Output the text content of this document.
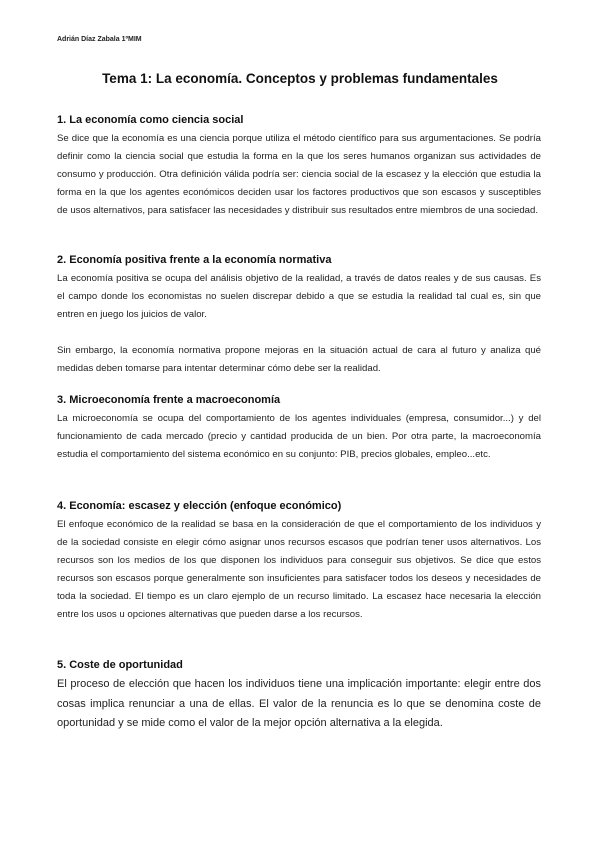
Adrián Díaz Zabala 1ºMIM
Tema 1: La economía. Conceptos y problemas fundamentales
1. La economía como ciencia social

Se dice que la economía es una ciencia porque utiliza el método científico para sus argumentaciones. Se podría definir como la ciencia social que estudia la forma en la que los seres humanos organizan sus actividades de consumo y producción. Otra definición válida podría ser: ciencia social de la escasez y la elección que estudia la forma en la que los agentes económicos deciden usar los factores productivos que son escasos y susceptibles de usos alternativos, para satisfacer las necesidades y distribuir sus resultados entre miembros de una sociedad.

2. Economía positiva frente a la economía normativa

La economía positiva se ocupa del análisis objetivo de la realidad, a través de datos reales y de sus causas. Es el campo donde los economistas no suelen discrepar debido a que se estudia la realidad tal cual es, sin que entren en juego los juicios de valor.

Sin embargo, la economía normativa propone mejoras en la situación actual de cara al futuro y analiza qué medidas deben tomarse para intentar determinar cómo debe ser la realidad.

3. Microeconomía frente a macroeconomía

La microeconomía se ocupa del comportamiento de los agentes individuales (empresa, consumidor...) y del funcionamiento de cada mercado (precio y cantidad producida de un bien. Por otra parte, la macroeconomía estudia el comportamiento del sistema económico en su conjunto: PIB, precios globales, empleo...etc.

4. Economía: escasez y elección (enfoque económico)

El enfoque económico de la realidad se basa en la consideración de que el comportamiento de los individuos y de la sociedad consiste en elegir cómo asignar unos recursos escasos que podrían tener usos alternativos. Los recursos son los medios de los que disponen los individuos para conseguir sus objetivos. Se dice que estos recursos son escasos porque generalmente son insuficientes para satisfacer todos los deseos y necesidades de toda la sociedad. El tiempo es un claro ejemplo de un recurso limitado. La escasez hace necesaria la elección entre los usos u opciones alternativas que pueden darse a los recursos.

5. Coste de oportunidad

El proceso de elección que hacen los individuos tiene una implicación importante: elegir entre dos cosas implica renunciar a una de ellas. El valor de la renuncia es lo que se denomina coste de oportunidad y se mide como el valor de la mejor opción alternativa a la elegida.
